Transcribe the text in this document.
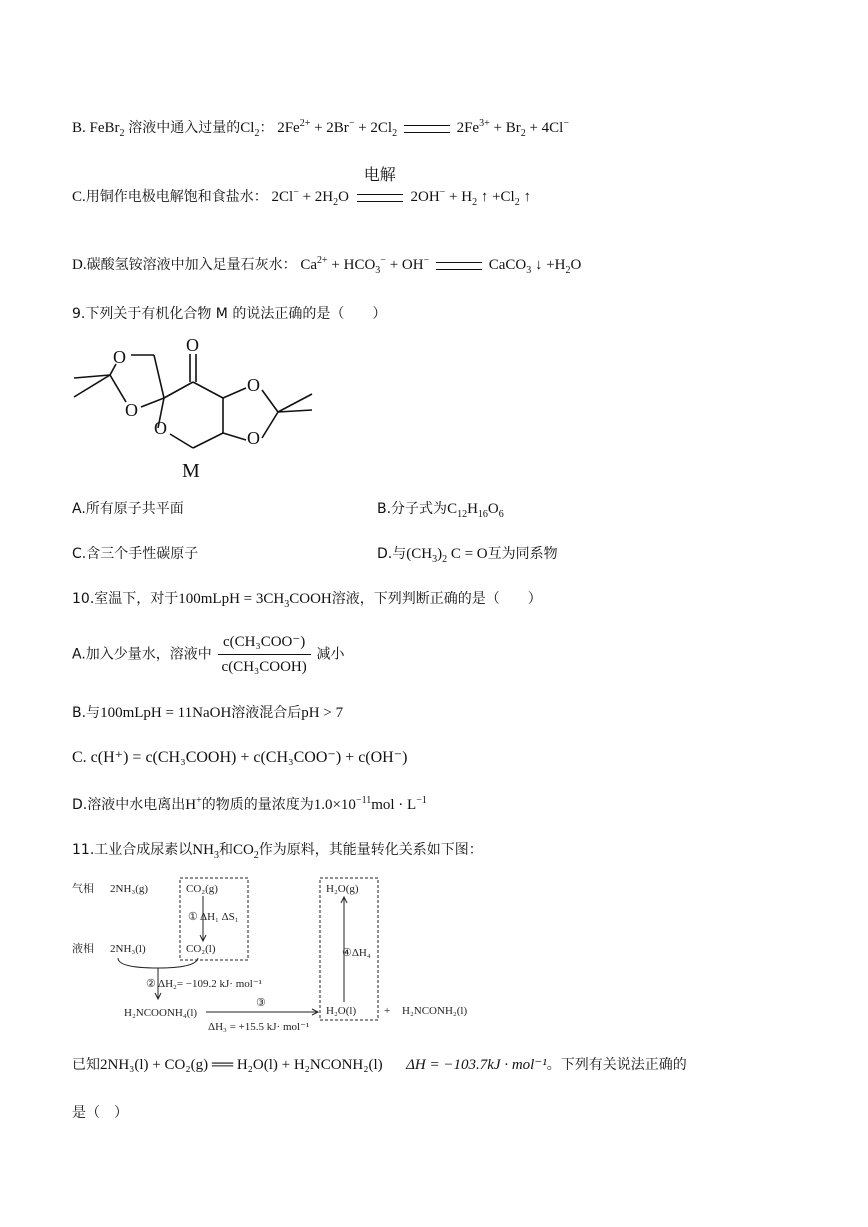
B. FeBr$_2$ 溶液中通入过量的$Cl_2$： $2Fe^{2+} + 2Br^- + 2Cl_2$	$2Fe^{3+} + Br_2 + 4Cl^-$
C.用铜作电极电解饱和食盐水： $2Cl^- + 2H_2O$
电解
$2OH^- + H_2$ ↑ $+Cl_2$ ↑
D.碳酸氢铵溶液中加入足量石灰水： $Ca^{2+} + HCO_3^- + OH^-$	CaCO$_3$ ↓ $+H_2O$
9.下列关于有机化合物 M 的说法正确的是（　　）
O
O
O
O
O
O
M
A.所有原子共平面	B.分子式为$C_{12}H_{16}O_6$
C.含三个手性碳原子	D.与$(CH_3)_2$ C = O互为同系物
10.室温下，对于100mLpH = $3CH_3COOH$溶液，下列判断正确的是（　　）
A.加入少量水，溶液中 $\frac{\text{c(CH₃COO⁻)}}{\text{c(CH₃COOH)}}$ 减小
B.与100mLpH = 11NaOH溶液混合后pH > 7
C. c(H⁺) = c(CH₃COOH) + c(CH₃COO⁻) + c(OH⁻)
D.溶液中水电离出H+的物质的量浓度为$1.0\times 10^{-11}mol \cdot L^{-1}$
11.工业合成尿素以$NH_3$和$CO_2$作为原料，其能量转化关系如下图：
气相 2NH₃(g)	CO₂(g)
① ΔH₁ ΔS₁
液相 2NH₃(l)	CO₂(l)
② ΔH₂= −109.2 kJ· mol⁻¹
H₂NCOONH₄(l)
③
ΔH₃ = +15.5 kJ· mol⁻¹
H₂O(g)
④ΔH₄
H₂O(l)	+ H₂NCONH₂(l)
已知2NH₃(l) + CO₂(g) ══ H₂O(l) + H₂NCONH₂(l) ΔH = −103.7kJ · mol⁻¹。下列有关说法正确的
是（　）
